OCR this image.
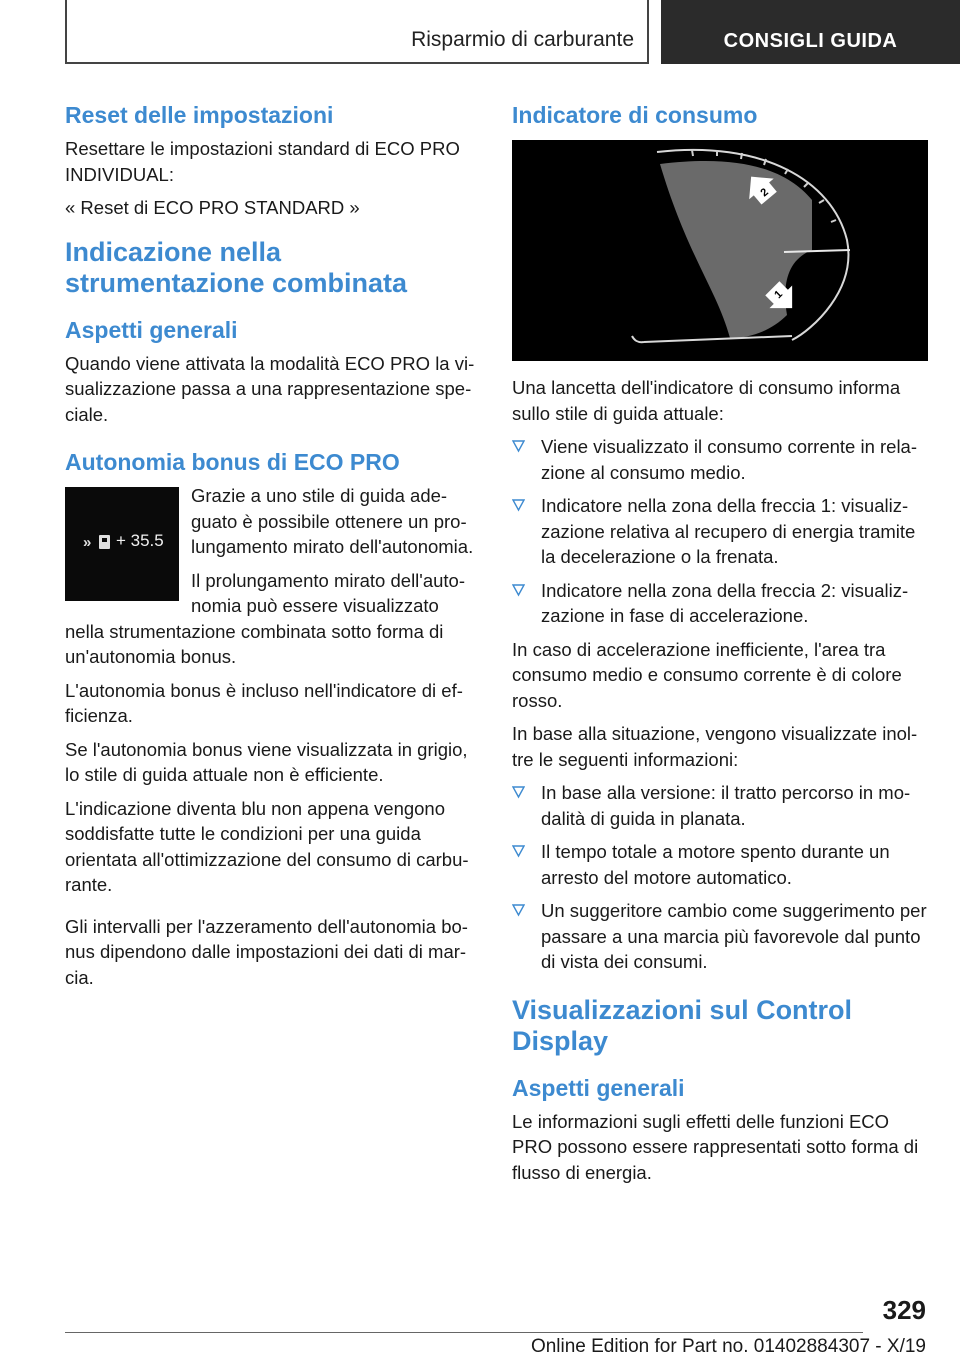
Risparmio di carburante	CONSIGLI GUIDA
Reset delle impostazioni

Resettare le impostazioni standard di ECO PRO INDIVIDUAL:

« Reset di ECO PRO STANDARD »

Indicazione nella strumentazione combinata
Aspetti generali

Quando viene attivata la modalità ECO PRO la visualizzazione passa a una rappresentazione speciale.

Autonomia bonus di ECO PRO
» + 35.5

Grazie a uno stile di guida adeguato è possibile ottenere un prolungamento mirato dell'autonomia.

Il prolungamento mirato dell'autonomia può essere visualizzato nella strumentazione combinata sotto forma di un'autonomia bonus.

L'autonomia bonus è incluso nell'indicatore di efficienza.

Se l'autonomia bonus viene visualizzata in grigio, lo stile di guida attuale non è efficiente.

L'indicazione diventa blu non appena vengono soddisfatte tutte le condizioni per una guida orientata all'ottimizzazione del consumo di carburante.

Gli intervalli per l'azzeramento dell'autonomia bonus dipendono dalle impostazioni dei dati di marcia.

Indicatore di consumo
2
1

Una lancetta dell'indicatore di consumo informa sullo stile di guida attuale:

Viene visualizzato il consumo corrente in relazione al consumo medio.
Indicatore nella zona della freccia 1: visualizzazione relativa al recupero di energia tramite la decelerazione o la frenata.
Indicatore nella zona della freccia 2: visualizzazione in fase di accelerazione.

In caso di accelerazione inefficiente, l'area tra consumo medio e consumo corrente è di colore rosso.

In base alla situazione, vengono visualizzate inoltre le seguenti informazioni:

In base alla versione: il tratto percorso in modalità di guida in planata.
Il tempo totale a motore spento durante un arresto del motore automatico.
Un suggeritore cambio come suggerimento per passare a una marcia più favorevole dal punto di vista dei consumi.
Visualizzazioni sul Control Display
Aspetti generali

Le informazioni sugli effetti delle funzioni ECO PRO possono essere rappresentati sotto forma di flusso di energia.

329
Online Edition for Part no. 01402884307 - X/19
